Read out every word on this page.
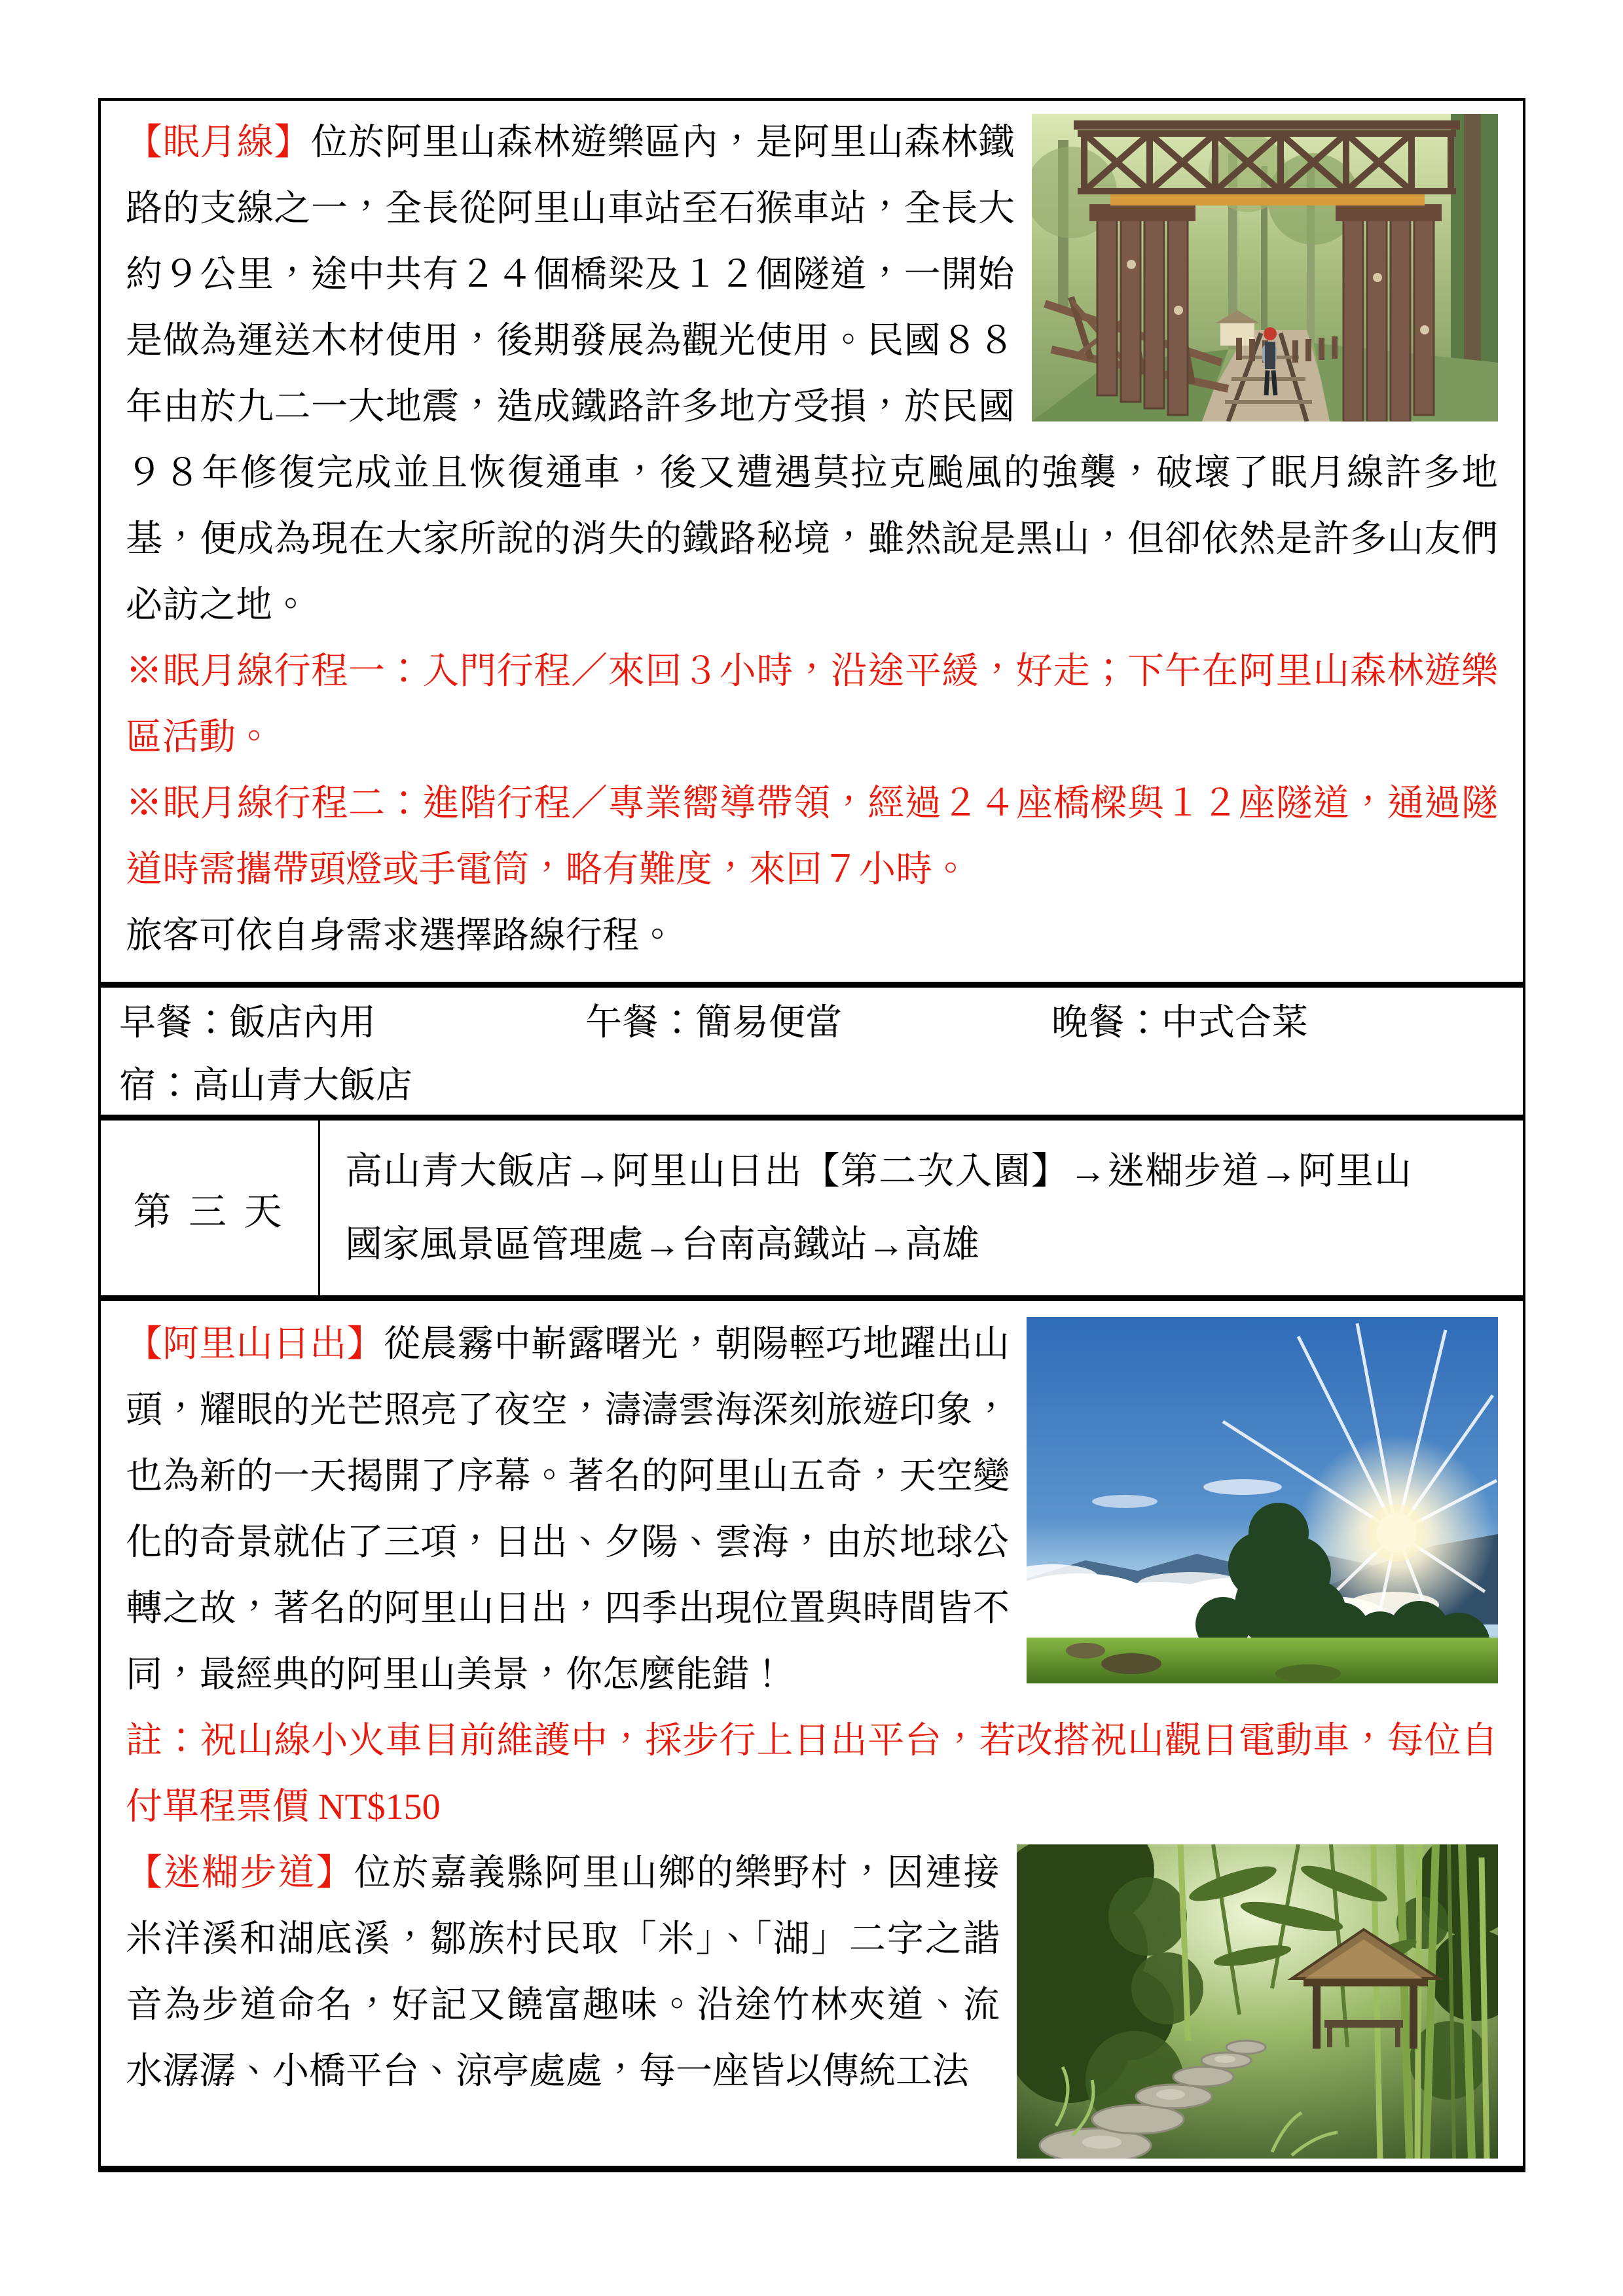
【眠月線】位於阿里山森林遊樂區內，是阿里山森林鐵路的支線之一，全長從阿里山車站至石猴車站，全長大約９公里，途中共有２４個橋梁及１２個隧道，一開始是做為運送木材使用，後期發展為觀光使用。民國８８年由於九二一大地震，造成鐵路許多地方受損，於民國９８年修復完成並且恢復通車，後又遭遇莫拉克颱風的強襲，破壞了眠月線許多地基，便成為現在大家所說的消失的鐵路秘境，雖然說是黑山，但卻依然是許多山友們必訪之地。

※眠月線行程一：入門行程／來回３小時，沿途平緩，好走；下午在阿里山森林遊樂區活動。

※眠月線行程二：進階行程／專業嚮導帶領，經過２４座橋樑與１２座隧道，通過隧道時需攜帶頭燈或手電筒，略有難度，來回７小時。

旅客可依自身需求選擇路線行程。

早餐：飯店內用	午餐：簡易便當	晚餐：中式合菜
宿：高山青大飯店
第 三 天
高山青大飯店→阿里山日出【第二次入園】→迷糊步道→阿里山國家風景區管理處→台南高鐵站→高雄

【阿里山日出】從晨霧中嶄露曙光，朝陽輕巧地躍出山頭，耀眼的光芒照亮了夜空，濤濤雲海深刻旅遊印象，也為新的一天揭開了序幕。著名的阿里山五奇，天空變化的奇景就佔了三項，日出、夕陽、雲海，由於地球公轉之故，著名的阿里山日出，四季出現位置與時間皆不同，最經典的阿里山美景，你怎麼能錯！

註：祝山線小火車目前維護中，採步行上日出平台，若改搭祝山觀日電動車，每位自付單程票價 NT$150

【迷糊步道】位於嘉義縣阿里山鄉的樂野村，因連接米洋溪和湖底溪，鄒族村民取「米」、「湖」二字之諧音為步道命名，好記又饒富趣味。沿途竹林夾道、流水潺潺、小橋平台、涼亭處處，每一座皆以傳統工法
